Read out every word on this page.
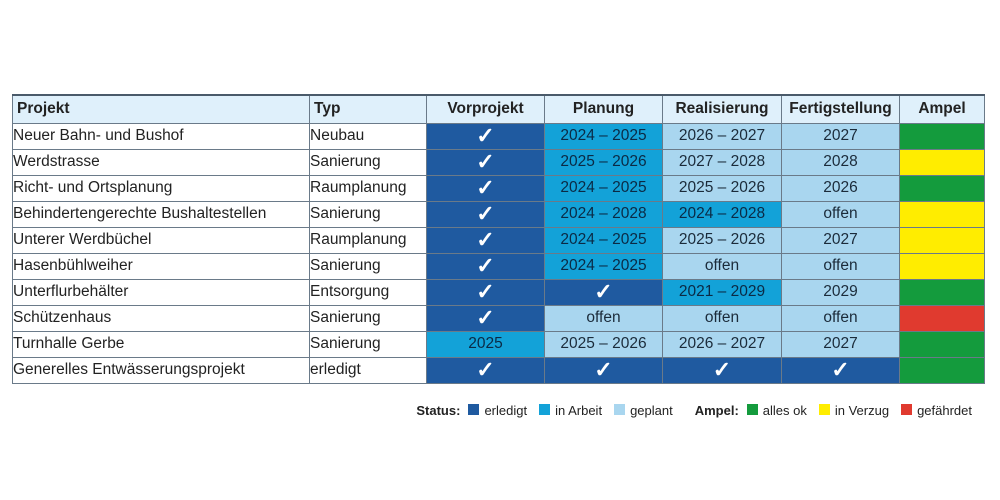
Projekt	Typ	Vorprojekt	Planung	Realisierung	Fertigstellung	Ampel
Neuer Bahn- und Bushof	Neubau	✓	2024 – 2025	2026 – 2027	2027	
Werdstrasse	Sanierung	✓	2025 – 2026	2027 – 2028	2028	
Richt- und Ortsplanung	Raumplanung	✓	2024 – 2025	2025 – 2026	2026	
Behindertengerechte Bushaltestellen	Sanierung	✓	2024 – 2028	2024 – 2028	offen	
Unterer Werdbüchel	Raumplanung	✓	2024 – 2025	2025 – 2026	2027	
Hasenbühlweiher	Sanierung	✓	2024 – 2025	offen	offen	
Unterflurbehälter	Entsorgung	✓	✓	2021 – 2029	2029	
Schützenhaus	Sanierung	✓	offen	offen	offen	
Turnhalle Gerbe	Sanierung	2025	2025 – 2026	2026 – 2027	2027	
Generelles Entwässerungsprojekt	erledigt	✓	✓	✓	✓	
Status:	erledigt in Arbeit geplant	Ampel:	alles ok in Verzug gefährdet
